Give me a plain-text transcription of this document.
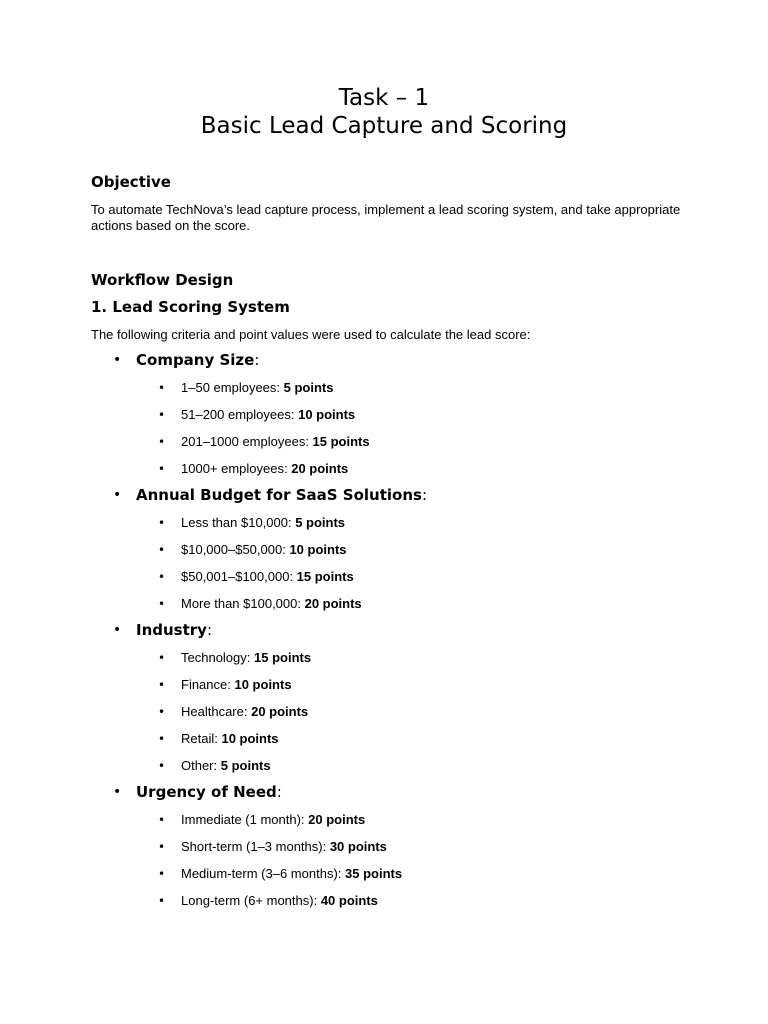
Task – 1
Basic Lead Capture and Scoring
Objective

To automate TechNova’s lead capture process, implement a lead scoring system, and take appropriate actions based on the score.

Workflow Design
1. Lead Scoring System

The following criteria and point values were used to calculate the lead score:

• Company Size:
• 1–50 employees: 5 points
• 51–200 employees: 10 points
• 201–1000 employees: 15 points
• 1000+ employees: 20 points
• Annual Budget for SaaS Solutions:
• Less than $10,000: 5 points
• $10,000–$50,000: 10 points
• $50,001–$100,000: 15 points
• More than $100,000: 20 points
• Industry:
• Technology: 15 points
• Finance: 10 points
• Healthcare: 20 points
• Retail: 10 points
• Other: 5 points
• Urgency of Need:
• Immediate (1 month): 20 points
• Short-term (1–3 months): 30 points
• Medium-term (3–6 months): 35 points
• Long-term (6+ months): 40 points
